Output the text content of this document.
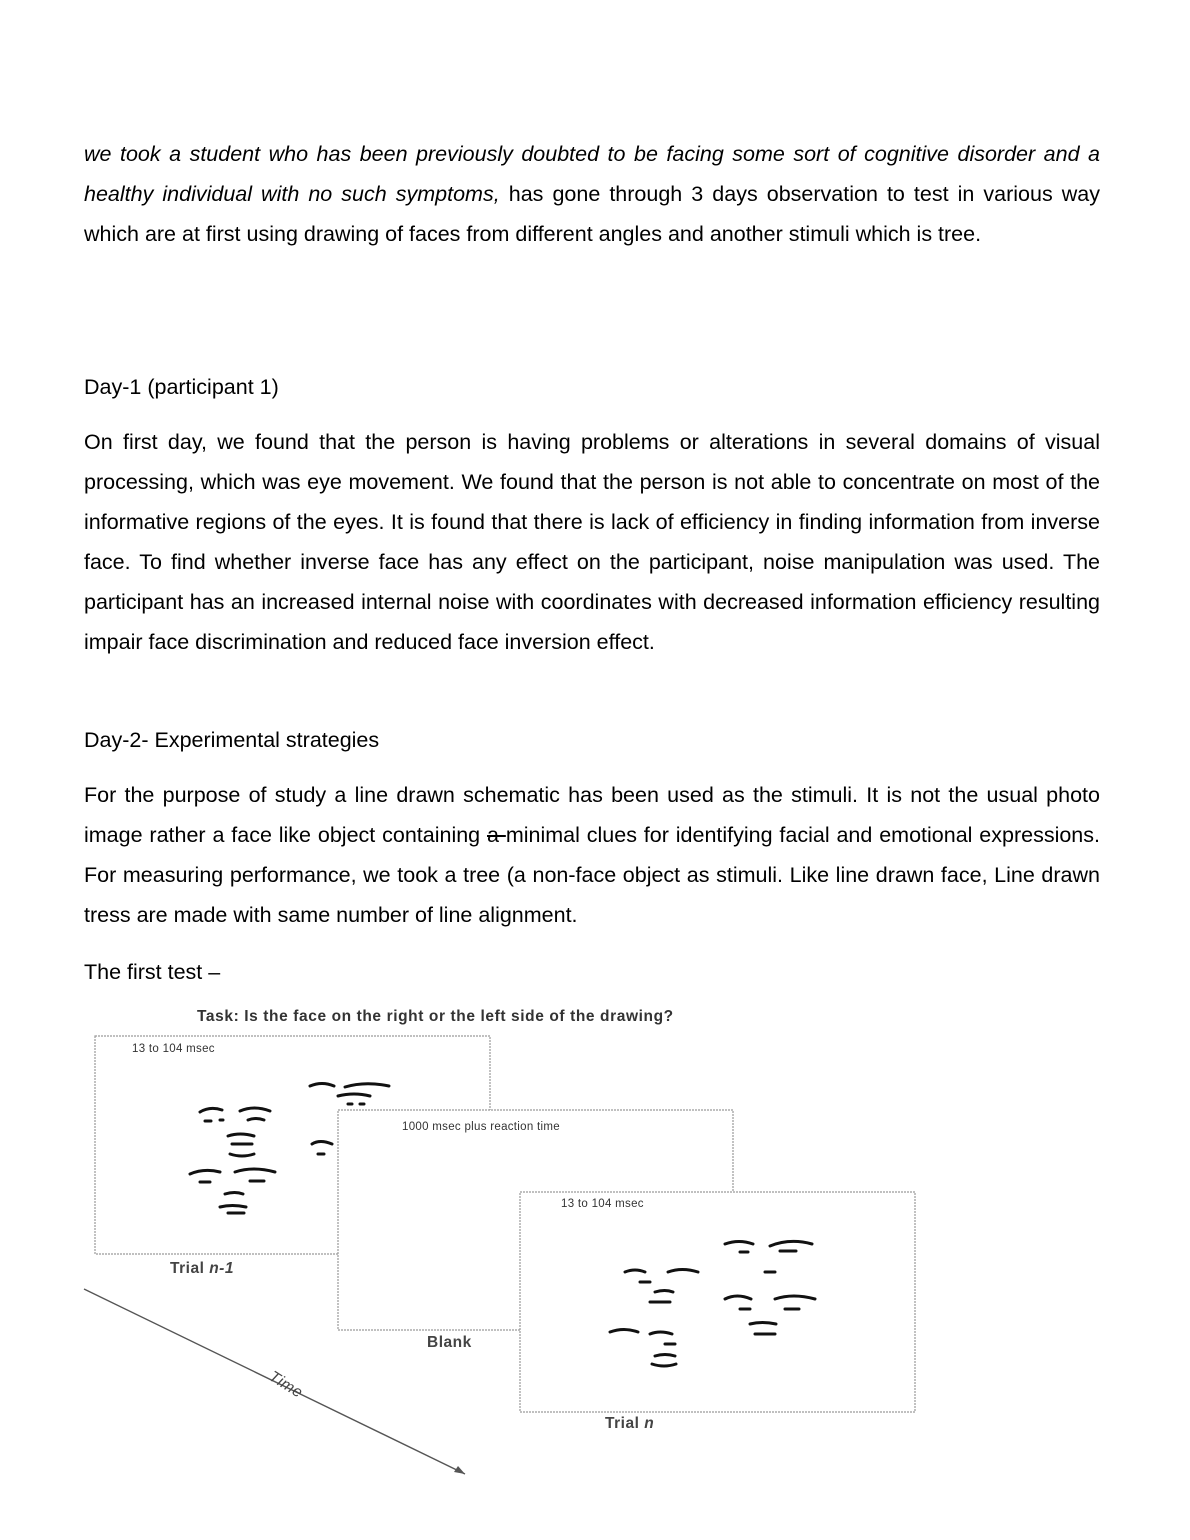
we took a student who has been previously doubted to be facing some sort of cognitive disorder and a healthy individual with no such symptoms, has gone through 3 days observation to test in various way which are at first using drawing of faces from different angles and another stimuli which is tree.

Day-1 (participant 1)

On first day, we found that the person is having problems or alterations in several domains of visual processing, which was eye movement. We found that the person is not able to concentrate on most of the informative regions of the eyes. It is found that there is lack of efficiency in finding information from inverse face. To find whether inverse face has any effect on the participant, noise manipulation was used. The participant has an increased internal noise with coordinates with decreased information efficiency resulting impair face discrimination and reduced face inversion effect.

Day-2- Experimental strategies

For the purpose of study a line drawn schematic has been used as the stimuli. It is not the usual photo image rather a face like object containing a minimal clues for identifying facial and emotional expressions. For measuring performance, we took a tree (a non-face object as stimuli. Like line drawn face, Line drawn tress are made with same number of line alignment.

The first test –

Task: Is the face on the right or the left side of the drawing?
13 to 104 msec
Trial n-1
1000 msec plus reaction time
Blank
13 to 104 msec
Trial n
Time
